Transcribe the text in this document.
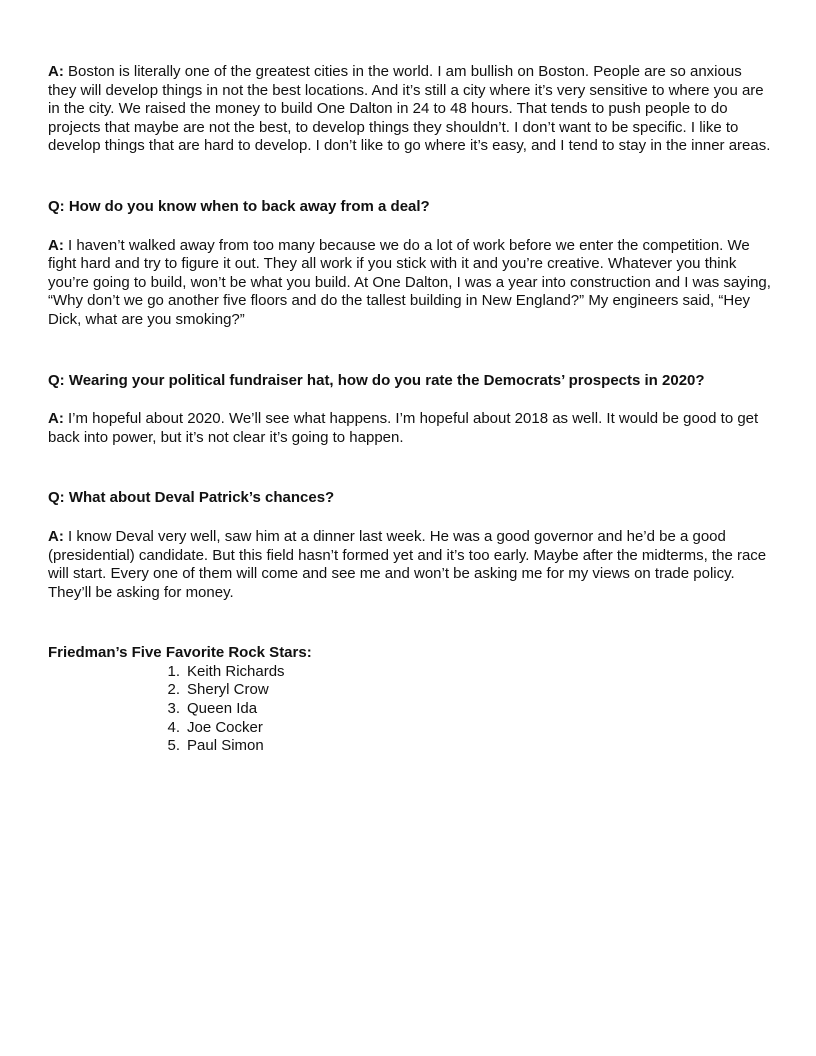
A: Boston is literally one of the greatest cities in the world. I am bullish on Boston. People are so anxious they will develop things in not the best locations. And it’s still a city where it’s very sensitive to where you are in the city. We raised the money to build One Dalton in 24 to 48 hours. That tends to push people to do projects that maybe are not the best, to develop things they shouldn’t. I don’t want to be specific. I like to develop things that are hard to develop. I don’t like to go where it’s easy, and I tend to stay in the inner areas.

Q: How do you know when to back away from a deal?

A: I haven’t walked away from too many because we do a lot of work before we enter the competition. We fight hard and try to figure it out. They all work if you stick with it and you’re creative. Whatever you think you’re going to build, won’t be what you build. At One Dalton, I was a year into construction and I was saying, “Why don’t we go another five floors and do the tallest building in New England?” My engineers said, “Hey Dick, what are you smoking?”

Q: Wearing your political fundraiser hat, how do you rate the Democrats’ prospects in 2020?

A: I’m hopeful about 2020. We’ll see what happens. I’m hopeful about 2018 as well. It would be good to get back into power, but it’s not clear it’s going to happen.

Q: What about Deval Patrick’s chances?

A: I know Deval very well, saw him at a dinner last week. He was a good governor and he’d be a good (presidential) candidate. But this field hasn’t formed yet and it’s too early. Maybe after the midterms, the race will start. Every one of them will come and see me and won’t be asking me for my views on trade policy. They’ll be asking for money.

Friedman’s Five Favorite Rock Stars:

1. Keith Richards
2. Sheryl Crow
3. Queen Ida
4. Joe Cocker
5. Paul Simon
